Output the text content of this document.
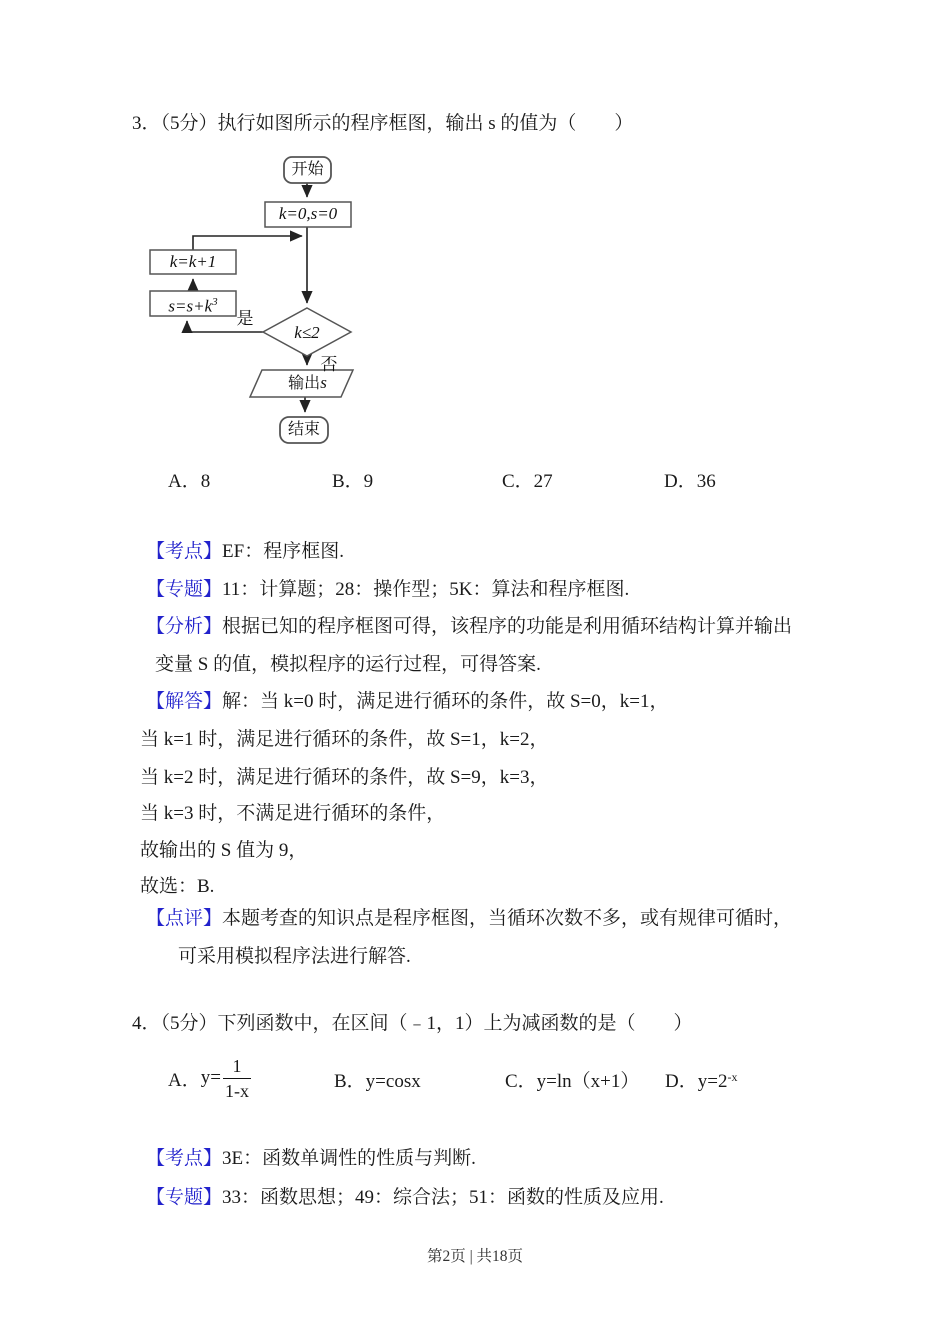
3．（5分）执行如图所示的程序框图，输出 s 的值为（　　）
开始
k=0,s=0
k=k+1
$s=s+k^3$
k≤2
是
否
输出s
结束
A．8	B．9	C．27	D．36
【考点】EF：程序框图.
【专题】11：计算题；28：操作型；5K：算法和程序框图.
【分析】根据已知的程序框图可得，该程序的功能是利用循环结构计算并输出
变量 S 的值，模拟程序的运行过程，可得答案.
【解答】解：当 k=0 时，满足进行循环的条件，故 S=0，k=1，
当 k=1 时，满足进行循环的条件，故 S=1，k=2，
当 k=2 时，满足进行循环的条件，故 S=9，k=3，
当 k=3 时，不满足进行循环的条件，
故输出的 S 值为 9，
故选：B.
【点评】本题考查的知识点是程序框图，当循环次数不多，或有规律可循时，
可采用模拟程序法进行解答.
4．（5分）下列函数中，在区间（﹣1，1）上为减函数的是（　　）
A． $y= \frac{1}{1-x}$	B．y=cosx	C．y=ln（x+1） D．$y=2^{-x}$
【考点】3E：函数单调性的性质与判断.
【专题】33：函数思想；49：综合法；51：函数的性质及应用.
第2页 | 共18页
